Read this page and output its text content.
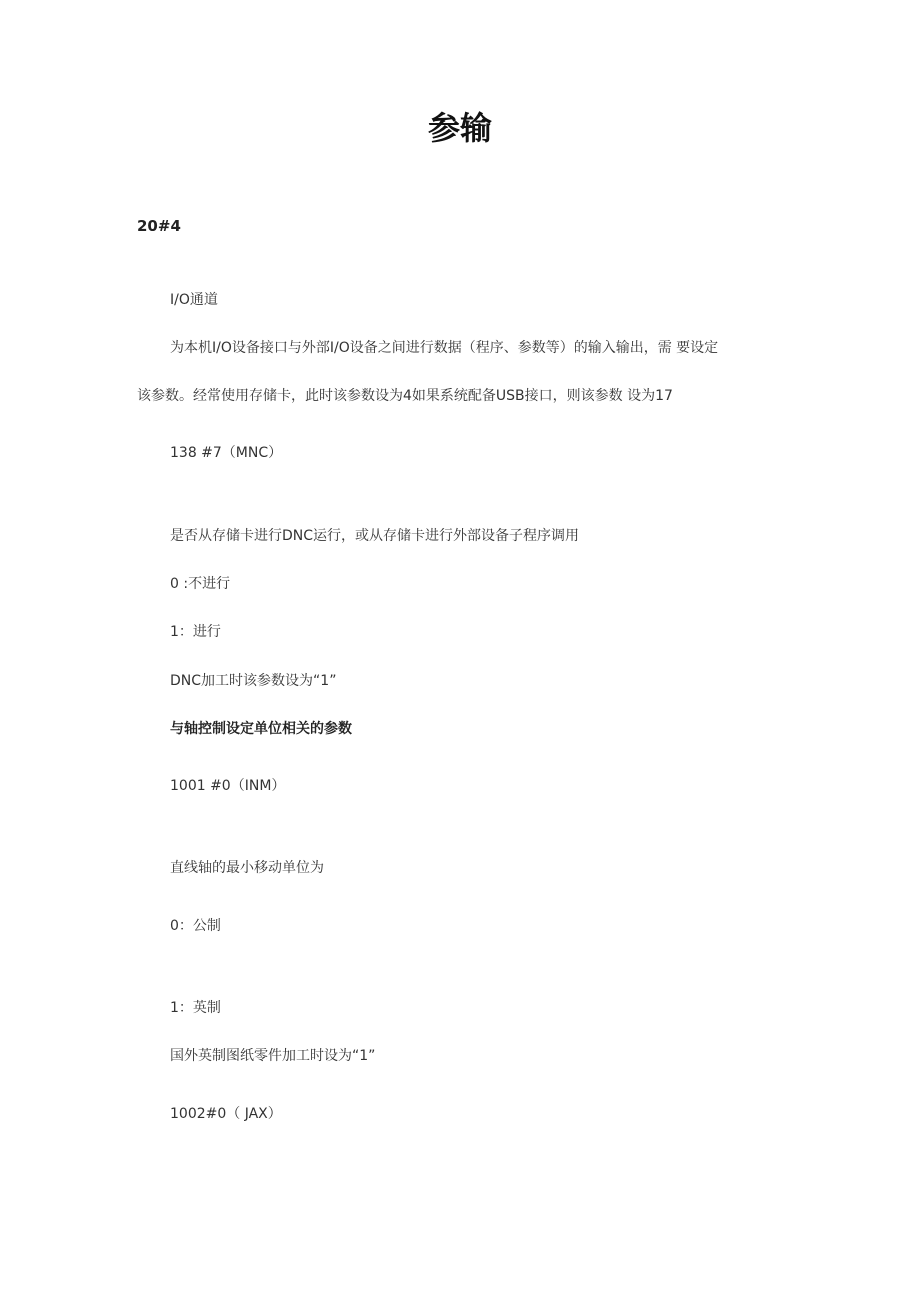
参输
20#4
I/O通道
为本机I/O设备接口与外部I/O设备之间进行数据（程序、参数等）的输入输出，需 要设定
该参数。经常使用存储卡，此时该参数设为4如果系统配备USB接口，则该参数 设为17
138 #7（MNC）
是否从存储卡进行DNC运行，或从存储卡进行外部设备子程序调用
0 :不进行
1：进行
DNC加工时该参数设为“1”
与轴控制设定单位相关的参数
1001 #0（INM）
直线轴的最小移动单位为
0：公制
1：英制
国外英制图纸零件加工时设为“1”
1002#0（ JAX）
